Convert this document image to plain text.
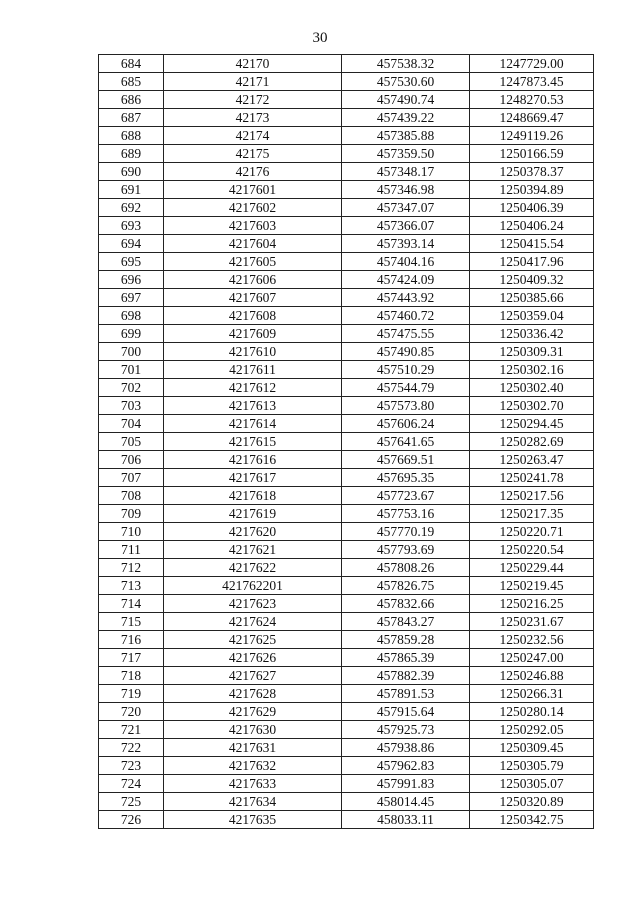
30
684	42170	457538.32	1247729.00
685	42171	457530.60	1247873.45
686	42172	457490.74	1248270.53
687	42173	457439.22	1248669.47
688	42174	457385.88	1249119.26
689	42175	457359.50	1250166.59
690	42176	457348.17	1250378.37
691	4217601	457346.98	1250394.89
692	4217602	457347.07	1250406.39
693	4217603	457366.07	1250406.24
694	4217604	457393.14	1250415.54
695	4217605	457404.16	1250417.96
696	4217606	457424.09	1250409.32
697	4217607	457443.92	1250385.66
698	4217608	457460.72	1250359.04
699	4217609	457475.55	1250336.42
700	4217610	457490.85	1250309.31
701	4217611	457510.29	1250302.16
702	4217612	457544.79	1250302.40
703	4217613	457573.80	1250302.70
704	4217614	457606.24	1250294.45
705	4217615	457641.65	1250282.69
706	4217616	457669.51	1250263.47
707	4217617	457695.35	1250241.78
708	4217618	457723.67	1250217.56
709	4217619	457753.16	1250217.35
710	4217620	457770.19	1250220.71
711	4217621	457793.69	1250220.54
712	4217622	457808.26	1250229.44
713	421762201	457826.75	1250219.45
714	4217623	457832.66	1250216.25
715	4217624	457843.27	1250231.67
716	4217625	457859.28	1250232.56
717	4217626	457865.39	1250247.00
718	4217627	457882.39	1250246.88
719	4217628	457891.53	1250266.31
720	4217629	457915.64	1250280.14
721	4217630	457925.73	1250292.05
722	4217631	457938.86	1250309.45
723	4217632	457962.83	1250305.79
724	4217633	457991.83	1250305.07
725	4217634	458014.45	1250320.89
726	4217635	458033.11	1250342.75
